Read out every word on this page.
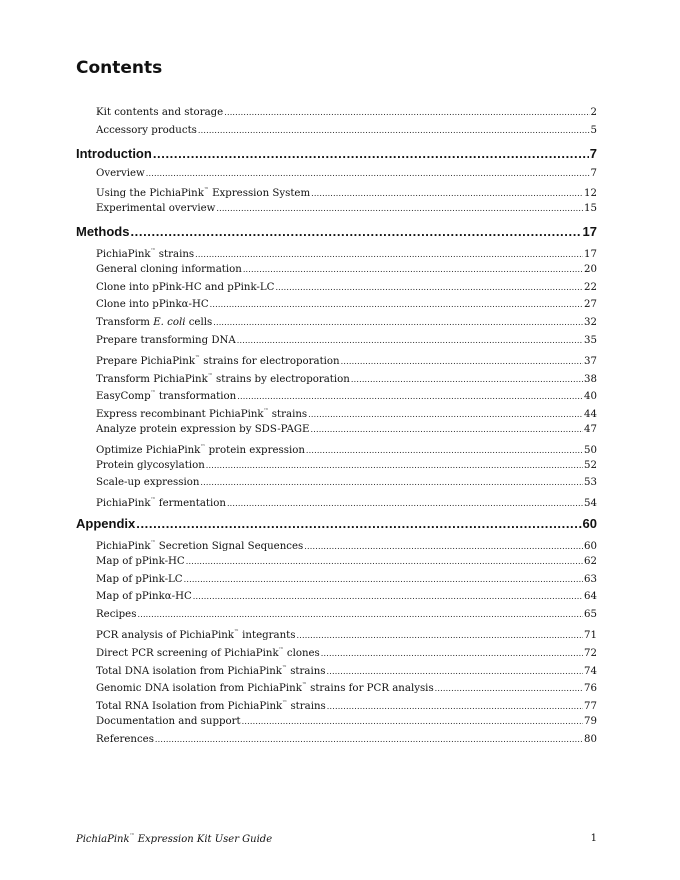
Contents
Kit contents and storage .....	2
Accessory products .....	5
Introduction .....	7
Overview .....	7
Using the PichiaPink™ Expression System .....	12
Experimental overview .....	15
Methods .....	17
PichiaPink™ strains .....	17
General cloning information .....	20
Clone into pPink-HC and pPink-LC .....	22
Clone into pPinkα-HC .....	27
Transform E. coli cells .....	32
Prepare transforming DNA .....	35
Prepare PichiaPink™ strains for electroporation .....	37
Transform PichiaPink™ strains by electroporation .....	38
EasyComp™ transformation .....	40
Express recombinant PichiaPink™ strains .....	44
Analyze protein expression by SDS-PAGE .....	47
Optimize PichiaPink™ protein expression .....	50
Protein glycosylation .....	52
Scale-up expression .....	53
PichiaPink™ fermentation .....	54
Appendix .....	60
PichiaPink™ Secretion Signal Sequences .....	60
Map of pPink-HC .....	62
Map of pPink-LC .....	63
Map of pPinkα-HC .....	64
Recipes .....	65
PCR analysis of PichiaPink™ integrants .....	71
Direct PCR screening of PichiaPink™ clones .....	72
Total DNA isolation from PichiaPink™ strains .....	74
Genomic DNA isolation from PichiaPink™ strains for PCR analysis .....	76
Total RNA Isolation from PichiaPink™ strains .....	77
Documentation and support .....	79
References .....	80
PichiaPink™ Expression Kit User Guide	1
